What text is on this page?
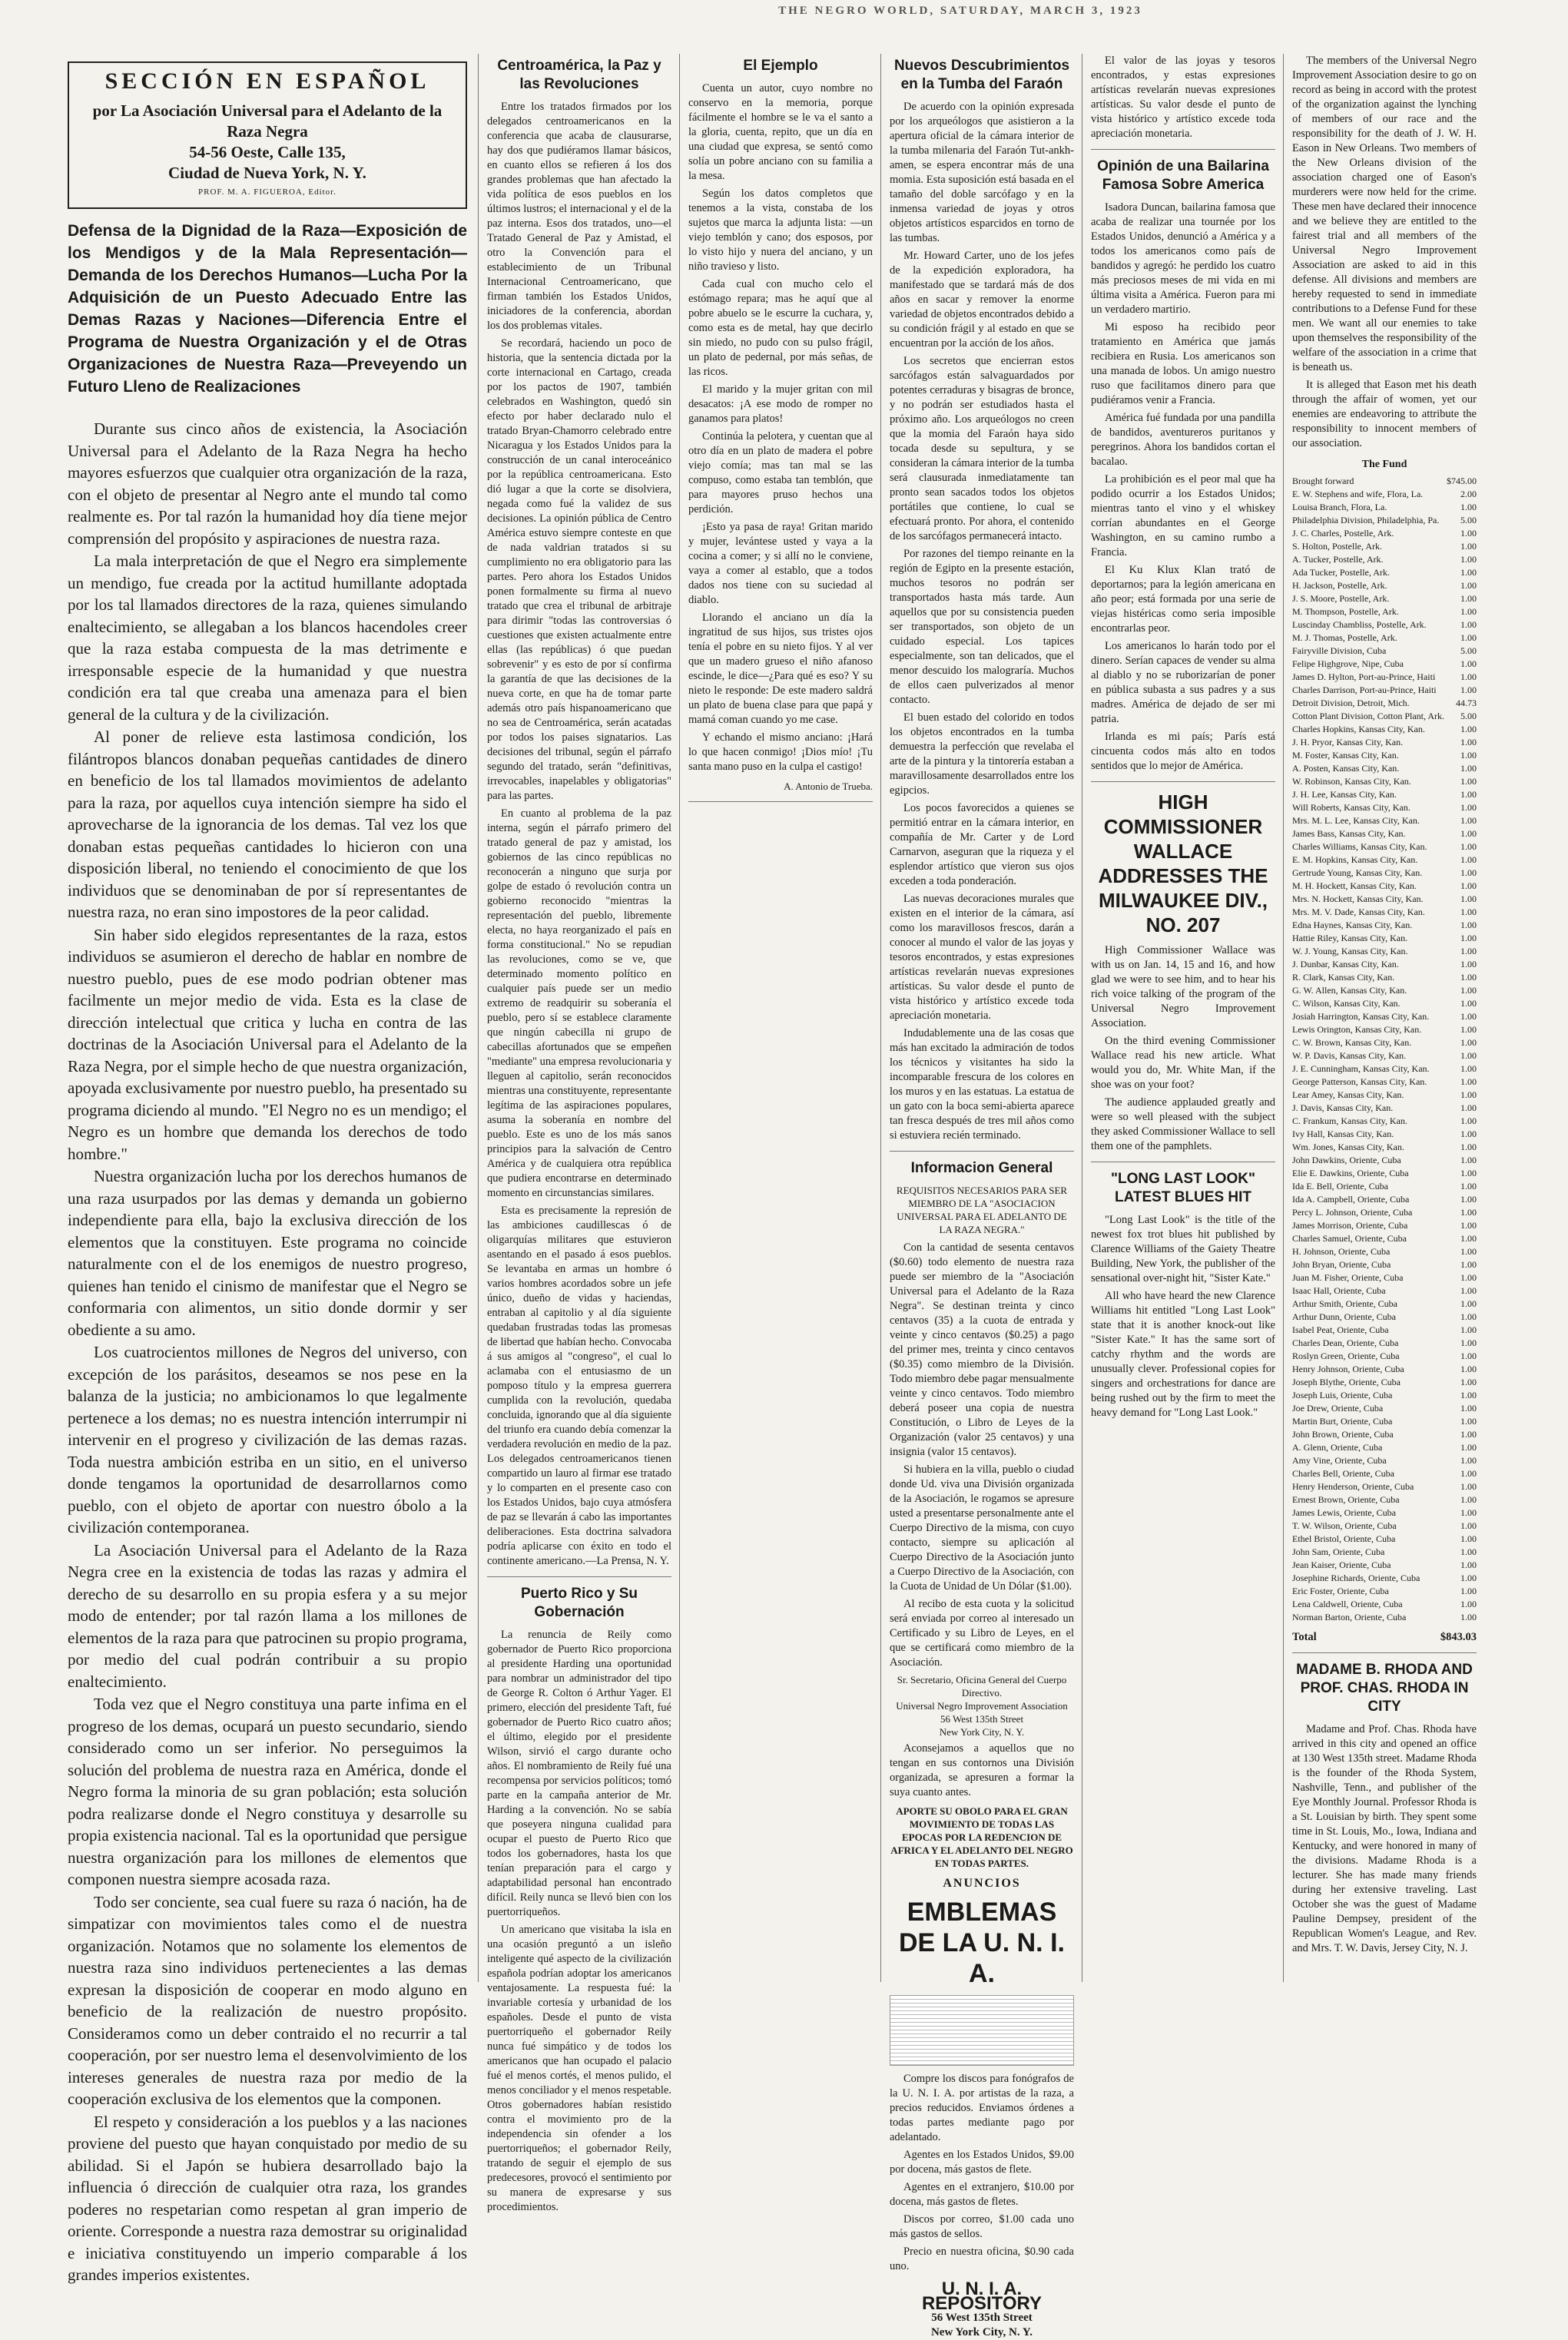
THE NEGRO WORLD, SATURDAY, MARCH 3, 1923
SECCIÓN EN ESPAÑOL
por La Asociación Universal para el Adelanto de la
Raza Negra
54-56 Oeste, Calle 135,
Ciudad de Nueva York, N. Y.
PROF. M. A. FIGUEROA, Editor.
Defensa de la Dignidad de la Raza—Exposición de los Mendigos y de la Mala Representación—Demanda de los Derechos Humanos—Lucha Por la Adquisición de un Puesto Adecuado Entre las Demas Razas y Naciones—Diferencia Entre el Programa de Nuestra Organización y el de Otras Organizaciones de Nuestra Raza—Preveyendo un Futuro Lleno de Realizaciones

Durante sus cinco años de existencia, la Asociación Universal para el Adelanto de la Raza Negra ha hecho mayores esfuerzos que cualquier otra organización de la raza, con el objeto de presentar al Negro ante el mundo tal como realmente es. Por tal razón la humanidad hoy día tiene mejor comprensión del propósito y aspiraciones de nuestra raza.

La mala interpretación de que el Negro era simplemente un mendigo, fue creada por la actitud humillante adoptada por los tal llamados directores de la raza, quienes simulando enaltecimiento, se allegaban a los blancos hacendoles creer que la raza estaba compuesta de la mas detrimente e irresponsable especie de la humanidad y que nuestra condición era tal que creaba una amenaza para el bien general de la cultura y de la civilización.

Al poner de relieve esta lastimosa condición, los filántropos blancos donaban pequeñas cantidades de dinero en beneficio de los tal llamados movimientos de adelanto para la raza, por aquellos cuya intención siempre ha sido el aprovecharse de la ignorancia de los demas. Tal vez los que donaban estas pequeñas cantidades lo hicieron con una disposición liberal, no teniendo el conocimiento de que los individuos que se denominaban de por sí representantes de nuestra raza, no eran sino impostores de la peor calidad.

Sin haber sido elegidos representantes de la raza, estos individuos se asumieron el derecho de hablar en nombre de nuestro pueblo, pues de ese modo podrian obtener mas facilmente un mejor medio de vida. Esta es la clase de dirección intelectual que critica y lucha en contra de las doctrinas de la Asociación Universal para el Adelanto de la Raza Negra, por el simple hecho de que nuestra organización, apoyada exclusivamente por nuestro pueblo, ha presentado su programa diciendo al mundo. "El Negro no es un mendigo; el Negro es un hombre que demanda los derechos de todo hombre."

Nuestra organización lucha por los derechos humanos de una raza usurpados por las demas y demanda un gobierno independiente para ella, bajo la exclusiva dirección de los elementos que la constituyen. Este programa no coincide naturalmente con el de los enemigos de nuestro progreso, quienes han tenido el cinismo de manifestar que el Negro se conformaria con alimentos, un sitio donde dormir y ser obediente a su amo.

Los cuatrocientos millones de Negros del universo, con excepción de los parásitos, deseamos se nos pese en la balanza de la justicia; no ambicionamos lo que legalmente pertenece a los demas; no es nuestra intención interrumpir ni intervenir en el progreso y civilización de las demas razas. Toda nuestra ambición estriba en un sitio, en el universo donde tengamos la oportunidad de desarrollarnos como pueblo, con el objeto de aportar con nuestro óbolo a la civilización contemporanea.

La Asociación Universal para el Adelanto de la Raza Negra cree en la existencia de todas las razas y admira el derecho de su desarrollo en su propia esfera y a su mejor modo de entender; por tal razón llama a los millones de elementos de la raza para que patrocinen su propio programa, por medio del cual podrán contribuir a su propio enaltecimiento.

Toda vez que el Negro constituya una parte infima en el progreso de los demas, ocupará un puesto secundario, siendo considerado como un ser inferior. No perseguimos la solución del problema de nuestra raza en América, donde el Negro forma la minoria de su gran población; esta solución podra realizarse donde el Negro constituya y desarrolle su propia existencia nacional. Tal es la oportunidad que persigue nuestra organización para los millones de elementos que componen nuestra siempre acosada raza.

Todo ser conciente, sea cual fuere su raza ó nación, ha de simpatizar con movimientos tales como el de nuestra organización. Notamos que no solamente los elementos de nuestra raza sino individuos pertenecientes a las demas expresan la disposición de cooperar en modo alguno en beneficio de la realización de nuestro propósito. Consideramos como un deber contraido el no recurrir a tal cooperación, por ser nuestro lema el desenvolvimiento de los intereses generales de nuestra raza por medio de la cooperación exclusiva de los elementos que la componen.

El respeto y consideración a los pueblos y a las naciones proviene del puesto que hayan conquistado por medio de su abilidad. Si el Japón se hubiera desarrollado bajo la influencia ó dirección de cualquier otra raza, los grandes poderes no respetarian como respetan al gran imperio de oriente. Corresponde a nuestra raza demostrar su originalidad e iniciativa constituyendo un imperio comparable á los grandes imperios existentes.

Centroamérica, la Paz y las Revoluciones

Entre los tratados firmados por los delegados centroamericanos en la conferencia que acaba de clausurarse, hay dos que pudiéramos llamar básicos, en cuanto ellos se refieren á los dos grandes problemas que han afectado la vida política de esos pueblos en los últimos lustros; el internacional y el de la paz interna. Esos dos tratados, uno—el Tratado General de Paz y Amistad, el otro la Convención para el establecimiento de un Tribunal Internacional Centroamericano, que firman también los Estados Unidos, iniciadores de la conferencia, abordan los dos problemas vitales.

Se recordará, haciendo un poco de historia, que la sentencia dictada por la corte internacional en Cartago, creada por los pactos de 1907, también celebrados en Washington, quedó sin efecto por haber declarado nulo el tratado Bryan-Chamorro celebrado entre Nicaragua y los Estados Unidos para la construcción de un canal interoceánico por la república centroamericana. Esto dió lugar a que la corte se disolviera, negada como fué la validez de sus decisiones. La opinión pública de Centro América estuvo siempre conteste en que de nada valdrian tratados si su cumplimiento no era obligatorio para las partes. Pero ahora los Estados Unidos ponen formalmente su firma al nuevo tratado que crea el tribunal de arbitraje para dirimir "todas las controversias ó cuestiones que existen actualmente entre ellas (las repúblicas) ó que puedan sobrevenir" y es esto de por sí confirma la garantía de que las decisiones de la nueva corte, en que ha de tomar parte además otro país hispanoamericano que no sea de Centroamérica, serán acatadas por todos los paises signatarios. Las decisiones del tribunal, según el párrafo segundo del tratado, serán "definitivas, irrevocables, inapelables y obligatorias" para las partes.

En cuanto al problema de la paz interna, según el párrafo primero del tratado general de paz y amistad, los gobiernos de las cinco repúblicas no reconocerán a ninguno que surja por golpe de estado ó revolución contra un gobierno reconocido "mientras la representación del pueblo, libremente electa, no haya reorganizado el país en forma constitucional." No se repudian las revoluciones, como se ve, que determinado momento político en cualquier país puede ser un medio extremo de readquirir su soberanía el pueblo, pero sí se establece claramente que ningún cabecilla ni grupo de cabecillas afortunados que se empeñen "mediante" una empresa revolucionaria y lleguen al capitolio, serán reconocidos mientras una constituyente, representante legítima de las aspiraciones populares, asuma la soberanía en nombre del pueblo. Este es uno de los más sanos principios para la salvación de Centro América y de cualquiera otra república que pudiera encontrarse en determinado momento en circunstancias similares.

Esta es precisamente la represión de las ambiciones caudillescas ó de oligarquías militares que estuvieron asentando en el pasado á esos pueblos. Se levantaba en armas un hombre ó varios hombres acordados sobre un jefe único, dueño de vidas y haciendas, entraban al capitolio y al día siguiente quedaban frustradas todas las promesas de libertad que habían hecho. Convocaba á sus amigos al "congreso", el cual lo aclamaba con el entusiasmo de un pomposo título y la empresa guerrera cumplida con la revolución, quedaba concluida, ignorando que al día siguiente del triunfo era cuando debía comenzar la verdadera revolución en medio de la paz. Los delegados centroamericanos tienen compartido un lauro al firmar ese tratado y lo comparten en el presente caso con los Estados Unidos, bajo cuya atmósfera de paz se llevarán á cabo las importantes deliberaciones. Esta doctrina salvadora podría aplicarse con éxito en todo el continente americano.—La Prensa, N. Y.

Puerto Rico y Su Gobernación

La renuncia de Reily como gobernador de Puerto Rico proporciona al presidente Harding una oportunidad para nombrar un administrador del tipo de George R. Colton ó Arthur Yager. El primero, elección del presidente Taft, fué gobernador de Puerto Rico cuatro años; el último, elegido por el presidente Wilson, sirvió el cargo durante ocho años. El nombramiento de Reily fué una recompensa por servicios políticos; tomó parte en la campaña anterior de Mr. Harding a la convención. No se sabía que poseyera ninguna cualidad para ocupar el puesto de Puerto Rico que todos los gobernadores, hasta los que tenían preparación para el cargo y adaptabilidad personal han encontrado difícil. Reily nunca se llevó bien con los puertorriqueños.

Un americano que visitaba la isla en una ocasión preguntó a un isleño inteligente qué aspecto de la civilización española podrían adoptar los americanos ventajosamente. La respuesta fué: la invariable cortesía y urbanidad de los españoles. Desde el punto de vista puertorriqueño el gobernador Reily nunca fué simpático y de todos los americanos que han ocupado el palacio fué el menos cortés, el menos pulido, el menos conciliador y el menos respetable. Otros gobernadores habían resistido contra el movimiento pro de la independencia sin ofender a los puertorriqueños; el gobernador Reily, tratando de seguir el ejemplo de sus predecesores, provocó el sentimiento por su manera de expresarse y sus procedimientos.

El Ejemplo

Cuenta un autor, cuyo nombre no conservo en la memoria, porque fácilmente el hombre se le va el santo a la gloria, cuenta, repito, que un día en una ciudad que expresa, se sentó como solía un pobre anciano con su familia a la mesa.

Según los datos completos que tenemos a la vista, constaba de los sujetos que marca la adjunta lista: —un viejo temblón y cano; dos esposos, por lo visto hijo y nuera del anciano, y un niño travieso y listo.

Cada cual con mucho celo el estómago repara; mas he aquí que al pobre abuelo se le escurre la cuchara, y, como esta es de metal, hay que decirlo sin miedo, no pudo con su pulso frágil, un plato de pedernal, por más señas, de las ricos.

El marido y la mujer gritan con mil desacatos: ¡A ese modo de romper no ganamos para platos!

Continúa la pelotera, y cuentan que al otro día en un plato de madera el pobre viejo comía; mas tan mal se las compuso, como estaba tan temblón, que para mayores pruso hechos una perdición.

¡Esto ya pasa de raya! Gritan marido y mujer, levántese usted y vaya a la cocina a comer; y si allí no le conviene, vaya a comer al establo, que a todos dados nos tiene con su suciedad al diablo.

Llorando el anciano un día la ingratitud de sus hijos, sus tristes ojos tenía el pobre en su nieto fijos. Y al ver que un madero grueso el niño afanoso escinde, le dice—¿Para qué es eso? Y su nieto le responde: De este madero saldrá un plato de buena clase para que papá y mamá coman cuando yo me case.

Y echando el mismo anciano: ¡Hará lo que hacen conmigo! ¡Dios mío! ¡Tu santa mano puso en la culpa el castigo!

A. Antonio de Trueba.
Nuevos Descubrimientos en la Tumba del Faraón

De acuerdo con la opinión expresada por los arqueólogos que asistieron a la apertura oficial de la cámara interior de la tumba milenaria del Faraón Tut-ankh-amen, se espera encontrar más de una momia. Esta suposición está basada en el tamaño del doble sarcófago y en la inmensa variedad de joyas y otros objetos artísticos esparcidos en torno de las tumbas.

Mr. Howard Carter, uno de los jefes de la expedición exploradora, ha manifestado que se tardará más de dos años en sacar y remover la enorme variedad de objetos encontrados debido a su condición frágil y al estado en que se encuentran por la acción de los años.

Los secretos que encierran estos sarcófagos están salvaguardados por potentes cerraduras y bisagras de bronce, y no podrán ser estudiados hasta el próximo año. Los arqueólogos no creen que la momia del Faraón haya sido tocada desde su sepultura, y se consideran la cámara interior de la tumba será clausurada inmediatamente tan pronto sean sacados todos los objetos portátiles que contiene, lo cual se efectuará pronto. Por ahora, el contenido de los sarcófagos permanecerá intacto.

Por razones del tiempo reinante en la región de Egipto en la presente estación, muchos tesoros no podrán ser transportados hasta más tarde. Aun aquellos que por su consistencia pueden ser transportados, son objeto de un cuidado especial. Los tapices especialmente, son tan delicados, que el menor descuido los malograría. Muchos de ellos caen pulverizados al menor contacto.

El buen estado del colorido en todos los objetos encontrados en la tumba demuestra la perfección que revelaba el arte de la pintura y la tintorería estaban a maravillosamente desarrollados entre los egipcios.

Los pocos favorecidos a quienes se permitió entrar en la cámara interior, en compañía de Mr. Carter y de Lord Carnarvon, aseguran que la riqueza y el esplendor artístico que vieron sus ojos exceden a toda ponderación.

Las nuevas decoraciones murales que existen en el interior de la cámara, así como los maravillosos frescos, darán a conocer al mundo el valor de las joyas y tesoros encontrados, y estas expresiones artísticas revelarán nuevas expresiones artísticas. Su valor desde el punto de vista histórico y artístico excede toda apreciación monetaria.

Indudablemente una de las cosas que más han excitado la admiración de todos los técnicos y visitantes ha sido la incomparable frescura de los colores en los muros y en las estatuas. La estatua de un gato con la boca semi-abierta aparece tan fresca después de tres mil años como si estuviera recién terminado.

Informacion General
REQUISITOS NECESARIOS PARA SER MIEMBRO DE LA "ASOCIACION UNIVERSAL PARA EL ADELANTO DE LA RAZA NEGRA."

Con la cantidad de sesenta centavos ($0.60) todo elemento de nuestra raza puede ser miembro de la "Asociación Universal para el Adelanto de la Raza Negra". Se destinan treinta y cinco centavos (35) a la cuota de entrada y veinte y cinco centavos ($0.25) a pago del primer mes, treinta y cinco centavos ($0.35) como miembro de la División. Todo miembro debe pagar mensualmente veinte y cinco centavos. Todo miembro deberá poseer una copia de nuestra Constitución, o Libro de Leyes de la Organización (valor 25 centavos) y una insignia (valor 15 centavos).

Si hubiera en la villa, pueblo o ciudad donde Ud. viva una División organizada de la Asociación, le rogamos se apresure usted a presentarse personalmente ante el Cuerpo Directivo de la misma, con cuyo contacto, siempre su aplicación al Cuerpo Directivo de la Asociación junto a Cuerpo Directivo de la Asociación, con la Cuota de Unidad de Un Dólar ($1.00).

Al recibo de esta cuota y la solicitud será enviada por correo al interesado un Certificado y su Libro de Leyes, en el que se certificará como miembro de la Asociación.

Sr. Secretario, Oficina General del Cuerpo Directivo.
Universal Negro Improvement Association
56 West 135th Street
New York City, N. Y.

Aconsejamos a aquellos que no tengan en sus contornos una División organizada, se apresuren a formar la suya cuanto antes.

APORTE SU OBOLO PARA EL GRAN MOVIMIENTO DE TODAS LAS EPOCAS POR LA REDENCION DE AFRICA Y EL ADELANTO DEL NEGRO EN TODAS PARTES.
ANUNCIOS
EMBLEMAS DE LA U. N. I. A.

Compre los discos para fonógrafos de la U. N. I. A. por artistas de la raza, a precios reducidos. Enviamos órdenes a todas partes mediante pago por adelantado.

Agentes en los Estados Unidos, $9.00 por docena, más gastos de flete.

Agentes en el extranjero, $10.00 por docena, más gastos de fletes.

Discos por correo, $1.00 cada uno más gastos de sellos.

Precio en nuestra oficina, $0.90 cada uno.

U. N. I. A. REPOSITORY
56 West 135th Street
New York City, N. Y.

El valor de las joyas y tesoros encontrados, y estas expresiones artísticas revelarán nuevas expresiones artísticas. Su valor desde el punto de vista histórico y artístico excede toda apreciación monetaria.

Opinión de una Bailarina Famosa Sobre America

Isadora Duncan, bailarina famosa que acaba de realizar una tournée por los Estados Unidos, denunció a América y a todos los americanos como país de bandidos y agregó: he perdido los cuatro más preciosos meses de mi vida en mi última visita a América. Fueron para mi un verdadero martirio.

Mi esposo ha recibido peor tratamiento en América que jamás recibiera en Rusia. Los americanos son una manada de lobos. Un amigo nuestro ruso que facilitamos dinero para que pudiéramos venir a Francia.

América fué fundada por una pandilla de bandidos, aventureros puritanos y peregrinos. Ahora los bandidos cortan el bacalao.

La prohibición es el peor mal que ha podido ocurrir a los Estados Unidos; mientras tanto el vino y el whiskey corrían abundantes en el George Washington, en su camino rumbo a Francia.

El Ku Klux Klan trató de deportarnos; para la legión americana en año peor; está formada por una serie de viejas histéricas como seria imposible encontrarlas peor.

Los americanos lo harán todo por el dinero. Serían capaces de vender su alma al diablo y no se ruborizarían de poner en pública subasta a sus padres y a sus madres. América de dejado de ser mi patria.

Irlanda es mi país; París está cincuenta codos más alto en todos sentidos que lo mejor de América.

HIGH COMMISSIONER WALLACE ADDRESSES THE MILWAUKEE DIV., NO. 207

High Commissioner Wallace was with us on Jan. 14, 15 and 16, and how glad we were to see him, and to hear his rich voice talking of the program of the Universal Negro Improvement Association.

On the third evening Commissioner Wallace read his new article. What would you do, Mr. White Man, if the shoe was on your foot?

The audience applauded greatly and were so well pleased with the subject they asked Commissioner Wallace to sell them one of the pamphlets.

"LONG LAST LOOK" LATEST BLUES HIT

"Long Last Look" is the title of the newest fox trot blues hit published by Clarence Williams of the Gaiety Theatre Building, New York, the publisher of the sensational over-night hit, "Sister Kate."

All who have heard the new Clarence Williams hit entitled "Long Last Look" state that it is another knock-out like "Sister Kate." It has the same sort of catchy rhythm and the words are unusually clever. Professional copies for singers and orchestrations for dance are being rushed out by the firm to meet the heavy demand for "Long Last Look."

The members of the Universal Negro Improvement Association desire to go on record as being in accord with the protest of the organization against the lynching of members of our race and the responsibility for the death of J. W. H. Eason in New Orleans. Two members of the New Orleans division of the association charged one of Eason's murderers were now held for the crime. These men have declared their innocence and we believe they are entitled to the fairest trial and all members of the Universal Negro Improvement Association are asked to aid in this defense. All divisions and members are hereby requested to send in immediate contributions to a Defense Fund for these men. We want all our enemies to take upon themselves the responsibility of the welfare of the association in a crime that is beneath us.

It is alleged that Eason met his death through the affair of women, yet our enemies are endeavoring to attribute the responsibility to innocent members of our association.

The Fund
Brought forward	$745.00
E. W. Stephens and wife, Flora, La.	2.00
Louisa Branch, Flora, La.	1.00
Philadelphia Division, Philadelphia, Pa.	5.00
J. C. Charles, Postelle, Ark.	1.00
S. Holton, Postelle, Ark.	1.00
A. Tucker, Postelle, Ark.	1.00
Ada Tucker, Postelle, Ark.	1.00
H. Jackson, Postelle, Ark.	1.00
J. S. Moore, Postelle, Ark.	1.00
M. Thompson, Postelle, Ark.	1.00
Luscinday Chambliss, Postelle, Ark.	1.00
M. J. Thomas, Postelle, Ark.	1.00
Fairyville Division, Cuba	5.00
Felipe Highgrove, Nipe, Cuba	1.00
James D. Hylton, Port-au-Prince, Haiti	1.00
Charles Darrison, Port-au-Prince, Haiti	1.00
Detroit Division, Detroit, Mich.	44.73
Cotton Plant Division, Cotton Plant, Ark.	5.00
Charles Hopkins, Kansas City, Kan.	1.00
J. H. Pryor, Kansas City, Kan.	1.00
M. Foster, Kansas City, Kan.	1.00
A. Posten, Kansas City, Kan.	1.00
W. Robinson, Kansas City, Kan.	1.00
J. H. Lee, Kansas City, Kan.	1.00
Will Roberts, Kansas City, Kan.	1.00
Mrs. M. L. Lee, Kansas City, Kan.	1.00
James Bass, Kansas City, Kan.	1.00
Charles Williams, Kansas City, Kan.	1.00
E. M. Hopkins, Kansas City, Kan.	1.00
Gertrude Young, Kansas City, Kan.	1.00
M. H. Hockett, Kansas City, Kan.	1.00
Mrs. N. Hockett, Kansas City, Kan.	1.00
Mrs. M. V. Dade, Kansas City, Kan.	1.00
Edna Haynes, Kansas City, Kan.	1.00
Hattie Riley, Kansas City, Kan.	1.00
W. J. Young, Kansas City, Kan.	1.00
J. Dunbar, Kansas City, Kan.	1.00
R. Clark, Kansas City, Kan.	1.00
G. W. Allen, Kansas City, Kan.	1.00
C. Wilson, Kansas City, Kan.	1.00
Josiah Harrington, Kansas City, Kan.	1.00
Lewis Orington, Kansas City, Kan.	1.00
C. W. Brown, Kansas City, Kan.	1.00
W. P. Davis, Kansas City, Kan.	1.00
J. E. Cunningham, Kansas City, Kan.	1.00
George Patterson, Kansas City, Kan.	1.00
Lear Amey, Kansas City, Kan.	1.00
J. Davis, Kansas City, Kan.	1.00
C. Frankum, Kansas City, Kan.	1.00
Ivy Hall, Kansas City, Kan.	1.00
Wm. Jones, Kansas City, Kan.	1.00
John Dawkins, Oriente, Cuba	1.00
Elie E. Dawkins, Oriente, Cuba	1.00
Ida E. Bell, Oriente, Cuba	1.00
Ida A. Campbell, Oriente, Cuba	1.00
Percy L. Johnson, Oriente, Cuba	1.00
James Morrison, Oriente, Cuba	1.00
Charles Samuel, Oriente, Cuba	1.00
H. Johnson, Oriente, Cuba	1.00
John Bryan, Oriente, Cuba	1.00
Juan M. Fisher, Oriente, Cuba	1.00
Isaac Hall, Oriente, Cuba	1.00
Arthur Smith, Oriente, Cuba	1.00
Arthur Dunn, Oriente, Cuba	1.00
Isabel Peat, Oriente, Cuba	1.00
Charles Dean, Oriente, Cuba	1.00
Roslyn Green, Oriente, Cuba	1.00
Henry Johnson, Oriente, Cuba	1.00
Joseph Blythe, Oriente, Cuba	1.00
Joseph Luis, Oriente, Cuba	1.00
Joe Drew, Oriente, Cuba	1.00
Martin Burt, Oriente, Cuba	1.00
John Brown, Oriente, Cuba	1.00
A. Glenn, Oriente, Cuba	1.00
Amy Vine, Oriente, Cuba	1.00
Charles Bell, Oriente, Cuba	1.00
Henry Henderson, Oriente, Cuba	1.00
Ernest Brown, Oriente, Cuba	1.00
James Lewis, Oriente, Cuba	1.00
T. W. Wilson, Oriente, Cuba	1.00
Ethel Bristol, Oriente, Cuba	1.00
John Sam, Oriente, Cuba	1.00
Jean Kaiser, Oriente, Cuba	1.00
Josephine Richards, Oriente, Cuba	1.00
Eric Foster, Oriente, Cuba	1.00
Lena Caldwell, Oriente, Cuba	1.00
Norman Barton, Oriente, Cuba	1.00
Total	$843.03
MADAME B. RHODA AND PROF. CHAS. RHODA IN CITY

Madame and Prof. Chas. Rhoda have arrived in this city and opened an office at 130 West 135th street. Madame Rhoda is the founder of the Rhoda System, Nashville, Tenn., and publisher of the Eye Monthly Journal. Professor Rhoda is a St. Louisian by birth. They spent some time in St. Louis, Mo., Iowa, Indiana and Kentucky, and were honored in many of the divisions. Madame Rhoda is a lecturer. She has made many friends during her extensive traveling. Last October she was the guest of Madame Pauline Dempsey, president of the Republican Women's League, and Rev. and Mrs. T. W. Davis, Jersey City, N. J.
